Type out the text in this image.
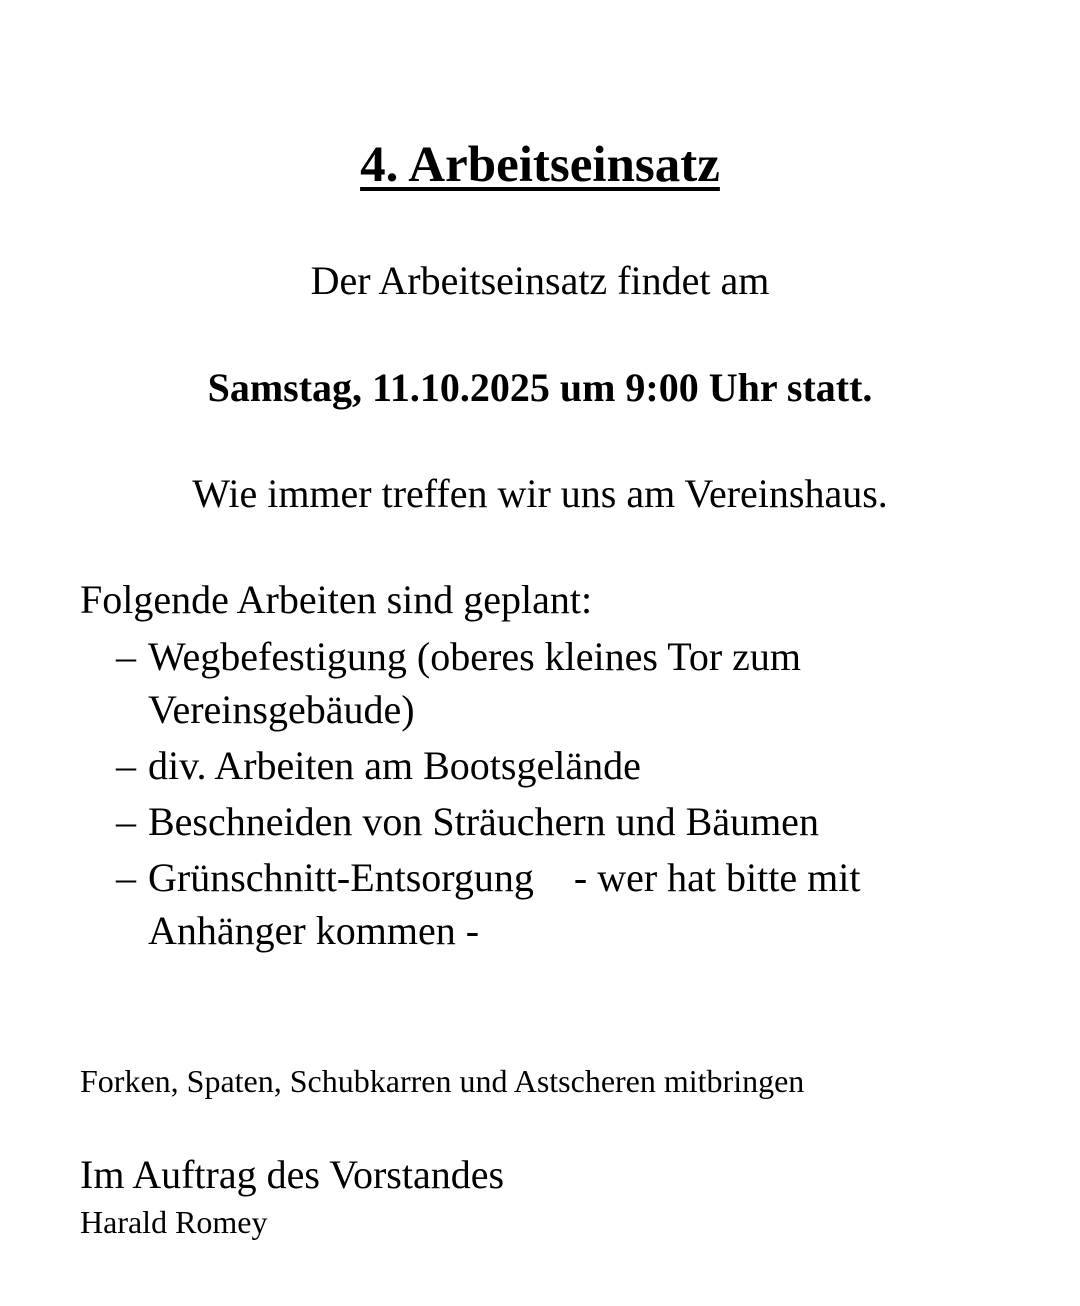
4. Arbeitseinsatz
Der Arbeitseinsatz findet am
Samstag, 11.10.2025 um 9:00 Uhr statt.
Wie immer treffen wir uns am Vereinshaus.
Folgende Arbeiten sind geplant:
– Wegbefestigung (oberes kleines Tor zum
Vereinsgebäude)
– div. Arbeiten am Bootsgelände
– Beschneiden von Sträuchern und Bäumen
– Grünschnitt-Entsorgung    - wer hat bitte mit
Anhänger kommen -
Forken, Spaten, Schubkarren und Astscheren mitbringen
Im Auftrag des Vorstandes
Harald Romey
